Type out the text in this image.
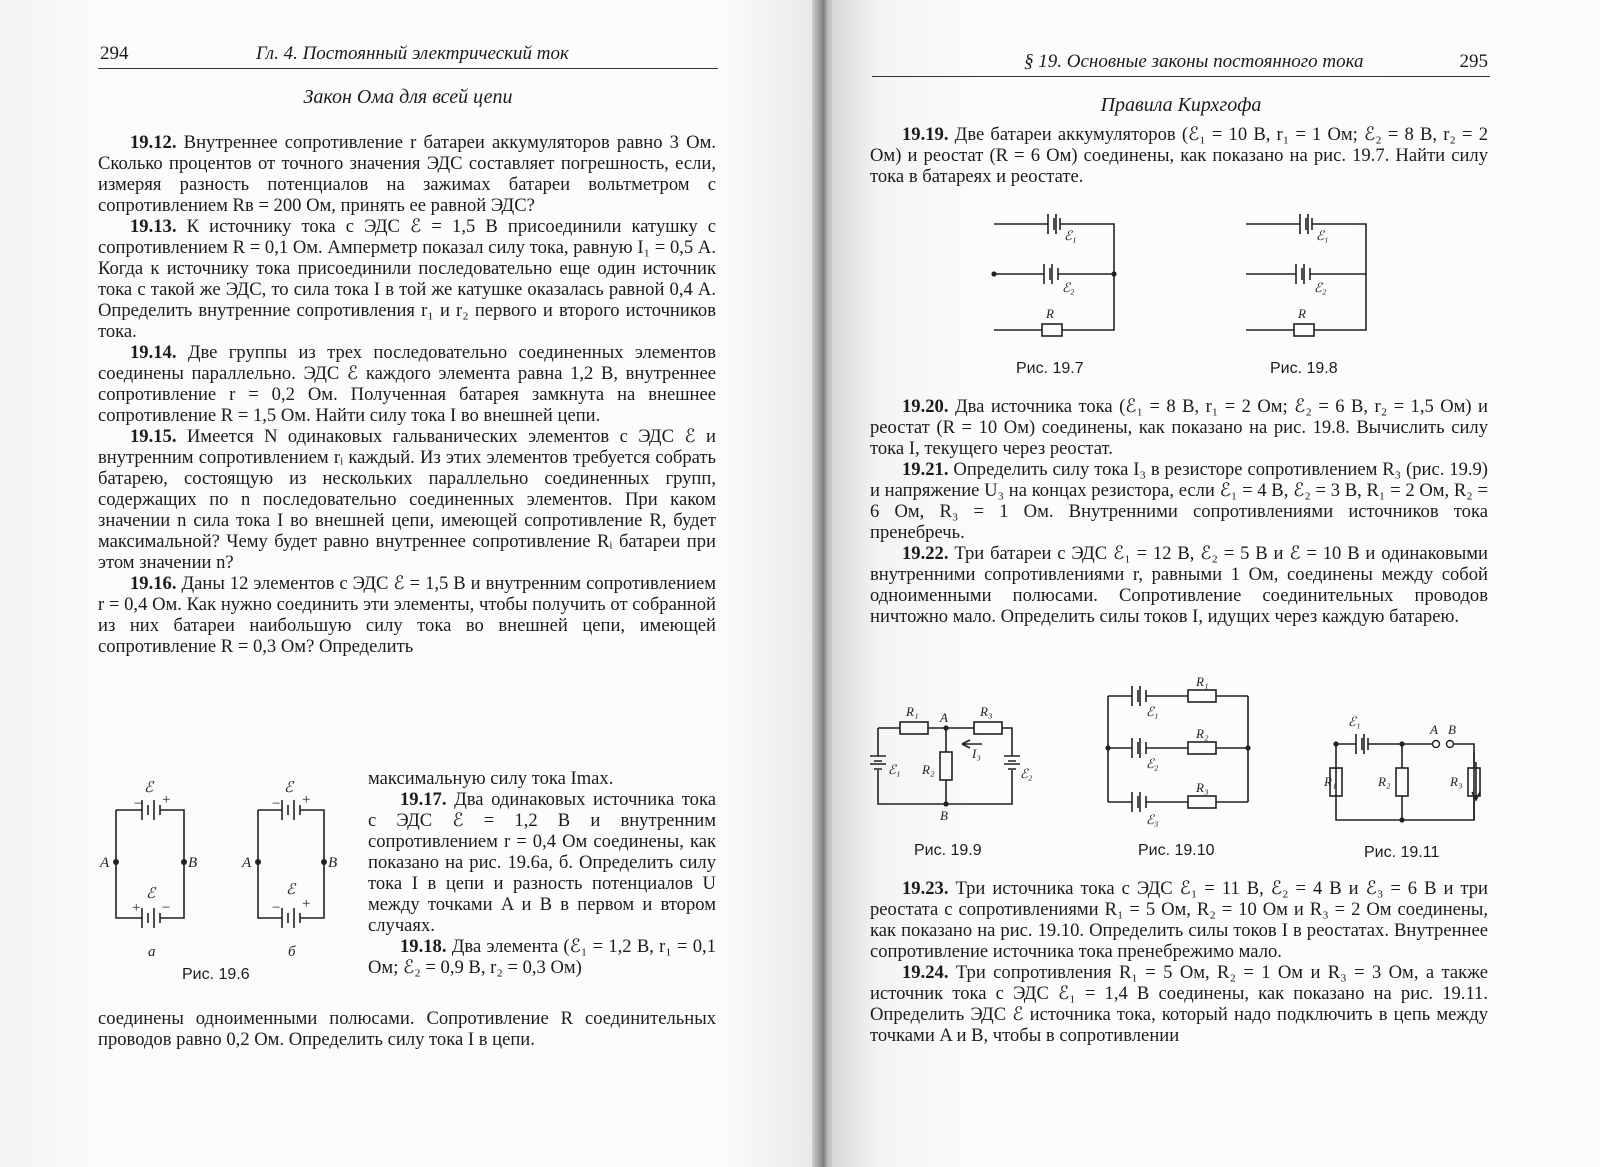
294	Гл. 4. Постоянный электрический ток
Закон Ома для всей цепи

19.12. Внутреннее сопротивление r батареи аккумуляторов равно 3 Ом. Сколько процентов от точного значения ЭДС составляет погрешность, если, измеряя разность потенциалов на зажимах батареи вольтметром с сопротивлением Rв = 200 Ом, принять ее равной ЭДС?

19.13. К источнику тока с ЭДС ℰ = 1,5 В присоединили катушку с сопротивлением R = 0,1 Ом. Амперметр показал силу тока, равную I₁ = 0,5 А. Когда к источнику тока присоединили последовательно еще один источник тока с такой же ЭДС, то сила тока I в той же катушке оказалась равной 0,4 А. Определить внутренние сопротивления r₁ и r₂ первого и второго источников тока.

19.14. Две группы из трех последовательно соединенных элементов соединены параллельно. ЭДС ℰ каждого элемента равна 1,2 В, внутреннее сопротивление r = 0,2 Ом. Полученная батарея замкнута на внешнее сопротивление R = 1,5 Ом. Найти силу тока I во внешней цепи.

19.15. Имеется N одинаковых гальванических элементов с ЭДС ℰ и внутренним сопротивлением rᵢ каждый. Из этих элементов требуется собрать батарею, состоящую из нескольких параллельно соединенных групп, содержащих по n последовательно соединенных элементов. При каком значении n сила тока I во внешней цепи, имеющей сопротивление R, будет максимальной? Чему будет равно внутреннее сопротивление Rᵢ батареи при этом значении n?

19.16. Даны 12 элементов с ЭДС ℰ = 1,5 В и внутренним сопротивлением r = 0,4 Ом. Как нужно соединить эти элементы, чтобы получить от собранной из них батареи наибольшую силу тока во внешней цепи, имеющей сопротивление R = 0,3 Ом? Определить

максимальную силу тока Imax.

19.17. Два одинаковых источника тока с ЭДС ℰ = 1,2 В и внутренним сопротивлением r = 0,4 Ом соединены, как показано на рис. 19.6а, б. Определить силу тока I в цепи и разность потенциалов U между точками A и B в первом и втором случаях.

19.18. Два элемента (ℰ₁ = 1,2 В, r₁ = 0,1 Ом; ℰ₂ = 0,9 В, r₂ = 0,3 Ом)

соединены одноименными полюсами. Сопротивление R соединительных проводов равно 0,2 Ом. Определить силу тока I в цепи.

ℰ
− +
ℰ
+ −
A	B
ℰ
− +
ℰ
− +
A	B
а	б
Рис. 19.6
§ 19. Основные законы постоянного тока	295
Правила Кирхгофа

19.19. Две батареи аккумуляторов (ℰ₁ = 10 В, r₁ = 1 Ом; ℰ₂ = 8 В, r₂ = 2 Ом) и реостат (R = 6 Ом) соединены, как показано на рис. 19.7. Найти силу тока в батареях и реостате.

ℰ₁
ℰ₂
R
Рис. 19.7
ℰ₁
ℰ₂
R
Рис. 19.8

19.20. Два источника тока (ℰ₁ = 8 В, r₁ = 2 Ом; ℰ₂ = 6 В, r₂ = 1,5 Ом) и реостат (R = 10 Ом) соединены, как показано на рис. 19.8. Вычислить силу тока I, текущего через реостат.

19.21. Определить силу тока I₃ в резисторе сопротивлением R₃ (рис. 19.9) и напряжение U₃ на концах резистора, если ℰ₁ = 4 В, ℰ₂ = 3 В, R₁ = 2 Ом, R₂ = 6 Ом, R₃ = 1 Ом. Внутренними сопротивлениями источников тока пренебречь.

19.22. Три батареи с ЭДС ℰ₁ = 12 В, ℰ₂ = 5 В и ℰ = 10 В и одинаковыми внутренними сопротивлениями r, равными 1 Ом, соединены между собой одноименными полюсами. Сопротивление соединительных проводов ничтожно мало. Определить силы токов I, идущих через каждую батарею.

R₁	R₃
A
B
R₂
I₃
ℰ₁	ℰ₂
Рис. 19.9
R₁
R₂
R₃
ℰ₁
ℰ₂
ℰ₃
Рис. 19.10
ℰ₁
A B
R₁	R₂	R₃
Рис. 19.11

19.23. Три источника тока с ЭДС ℰ₁ = 11 В, ℰ₂ = 4 В и ℰ₃ = 6 В и три реостата с сопротивлениями R₁ = 5 Ом, R₂ = 10 Ом и R₃ = 2 Ом соединены, как показано на рис. 19.10. Определить силы токов I в реостатах. Внутреннее сопротивление источника тока пренебрежимо мало.

19.24. Три сопротивления R₁ = 5 Ом, R₂ = 1 Ом и R₃ = 3 Ом, а также источник тока с ЭДС ℰ₁ = 1,4 В соединены, как показано на рис. 19.11. Определить ЭДС ℰ источника тока, который надо подключить в цепь между точками A и B, чтобы в сопротивлении
